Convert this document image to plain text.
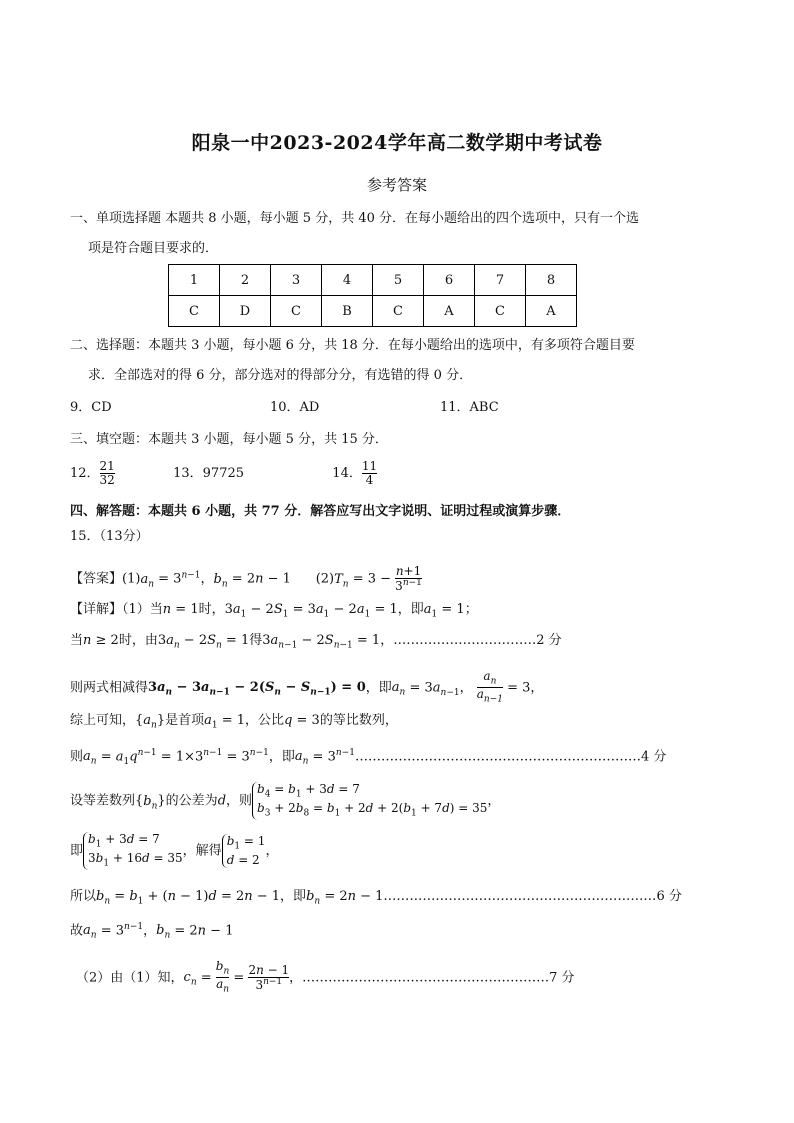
阳泉一中2023-2024学年高二数学期中考试卷
参考答案
一、单项选择题 本题共 8 小题，每小题 5 分，共 40 分．在每小题给出的四个选项中，只有一个选
项是符合题目要求的．
1	2	3	4	5	6	7	8
C	D	C	B	C	A	C	A
二、选择题：本题共 3 小题，每小题 6 分，共 18 分．在每小题给出的选项中，有多项符合题目要
求．全部选对的得 6 分，部分选对的得部分分，有选错的得 0 分．
9．CD	10．AD	11．ABC
三、填空题：本题共 3 小题，每小题 5 分，共 15 分．
12． $\frac{21}{32}$	13．97725	14． $\frac{11}{4}$
四、解答题：本题共 6 小题，共 77 分．解答应写出文字说明、证明过程或演算步骤．
15．（13分）
【答案】$(1)a_n = 3^{n-1}$，$b_n = 2n - 1$      $(2)T_n = 3 - \frac{n+1}{3^{n-1}}$
【详解】（1）当n = 1时，$3a_1 - 2S_1 = 3a_1 - 2a_1 = 1$，即$a_1 = 1$；
当n ≥ 2时，由$3a_n - 2S_n = 1$得$3a_{n-1} - 2S_{n-1} = 1$，……………………………2 分
则两式相减得$3a_n - 3a_{n-1} - 2(S_n - S_{n-1}) = 0$，即$a_n = 3a_{n-1}$， $\frac{a_n}{a_{n-1}} = 3$，
综上可知，$\{a_n\}$是首项$a_1 = 1$，公比q = 3的等比数列，
则$a_n = a_1q^{n-1} = 1\times 3^{n-1} = 3^{n-1}$，即$a_n$ = $3^{n-1}\dots\dots\dots\dots\dots\dots\dots\dots\dots\dots\dots\dots\dots\dots\dots\dots\dots\dots\dots\dots\dots\dots 4$ 分
设等差数列$\{b_n\}$的公差为d，则
$b_4 = b_1 + 3d = 7$
$b_3 + 2b_8 = b_1 + 2d + 2(b_1 + 7d) = 35$ ，
即
$b_1 + 3d = 7$
$3b_1 + 16d = 35$ ，解得
$b_1 = 1$
d = 2
，
所以$b_n = b_1 + (n - 1)d = 2n - 1$，即$b_n = 2n$ − 1………………………………………………………6 分
故$a_n = 3^{n-1}$，$b_n = 2n - 1$
（2）由（1）知，$c_n = \frac{b_n}{a_n} = \frac{2n - 1}{3^{n-1}}$ ，…………………………………………………7 分
